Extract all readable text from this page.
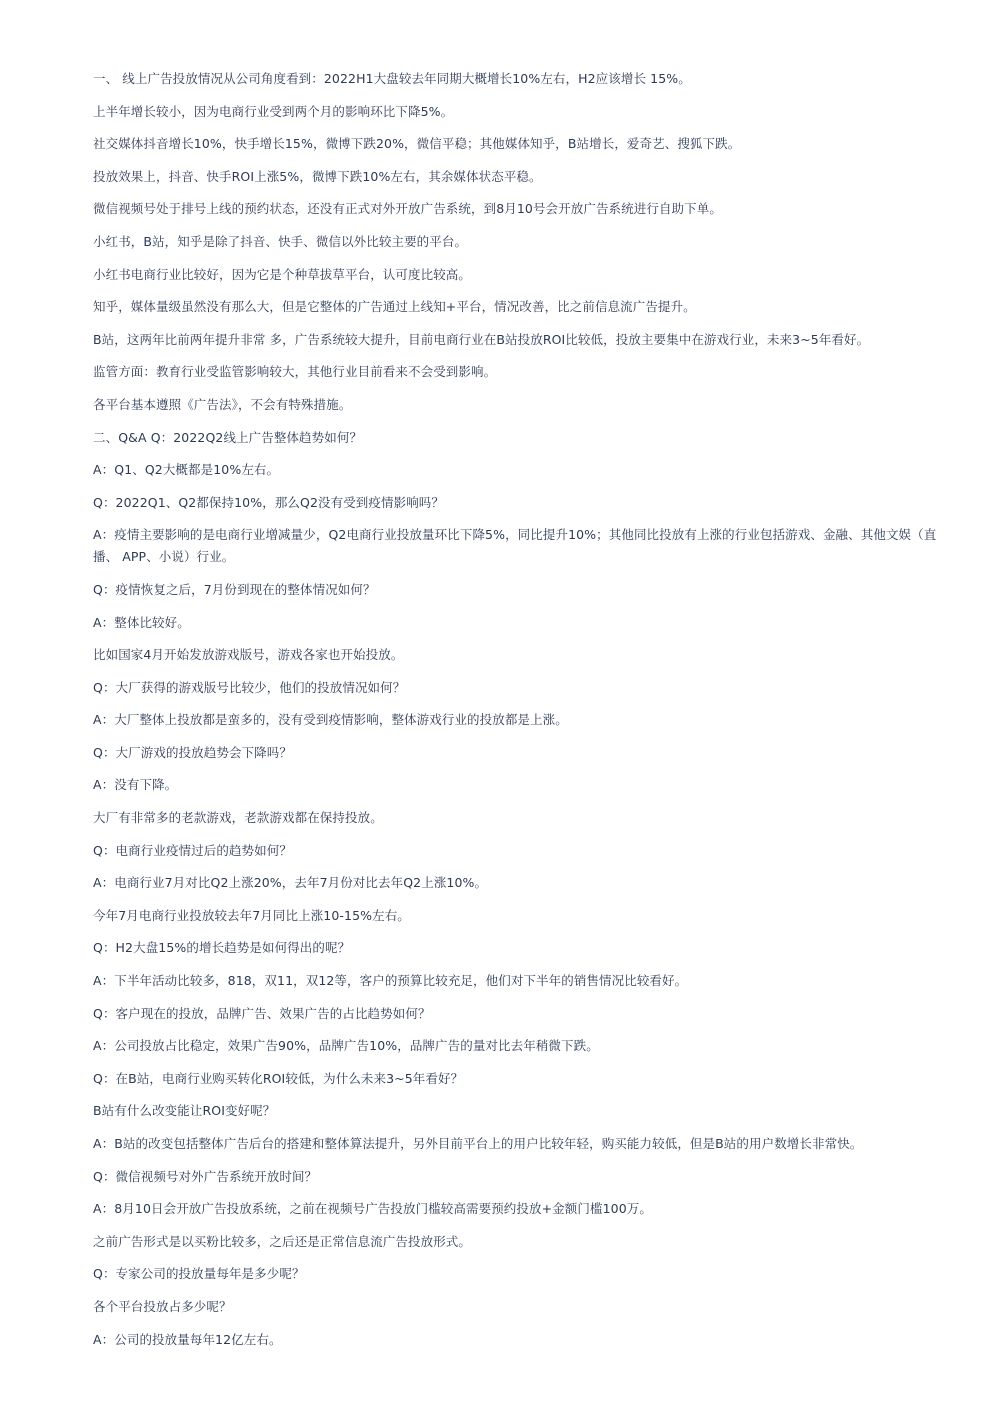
一、 线上广告投放情况从公司角度看到：2022H1大盘较去年同期大概增长10%左右，H2应该增长 15%。

上半年增长较小，因为电商行业受到两个月的影响环比下降5%。

社交媒体抖音增长10%，快手增长15%，微博下跌20%，微信平稳；其他媒体知乎，B站增长，爱奇艺、搜狐下跌。

投放效果上，抖音、快手ROI上涨5%，微博下跌10%左右，其余媒体状态平稳。

微信视频号处于排号上线的预约状态，还没有正式对外开放广告系统，到8月10号会开放广告系统进行自助下单。

小红书，B站，知乎是除了抖音、快手、微信以外比较主要的平台。

小红书电商行业比较好，因为它是个种草拔草平台，认可度比较高。

知乎，媒体量级虽然没有那么大，但是它整体的广告通过上线知+平台，情况改善，比之前信息流广告提升。

B站，这两年比前两年提升非常 多，广告系统较大提升，目前电商行业在B站投放ROI比较低，投放主要集中在游戏行业，未来3~5年看好。

监管方面：教育行业受监管影响较大，其他行业目前看来不会受到影响。

各平台基本遵照《广告法》，不会有特殊措施。

二、Q&A Q：2022Q2线上广告整体趋势如何？

A：Q1、Q2大概都是10%左右。

Q：2022Q1、Q2都保持10%，那么Q2没有受到疫情影响吗？

A：疫情主要影响的是电商行业增减量少，Q2电商行业投放量环比下降5%，同比提升10%；其他同比投放有上涨的行业包括游戏、金融、其他文娱（直播、 APP、小说）行业。

Q：疫情恢复之后，7月份到现在的整体情况如何？

A：整体比较好。

比如国家4月开始发放游戏版号，游戏各家也开始投放。

Q：大厂获得的游戏版号比较少，他们的投放情况如何？

A：大厂整体上投放都是蛮多的，没有受到疫情影响，整体游戏行业的投放都是上涨。

Q：大厂游戏的投放趋势会下降吗？

A：没有下降。

大厂有非常多的老款游戏，老款游戏都在保持投放。

Q：电商行业疫情过后的趋势如何？

A：电商行业7月对比Q2上涨20%，去年7月份对比去年Q2上涨10%。

今年7月电商行业投放较去年7月同比上涨10-15%左右。

Q：H2大盘15%的增长趋势是如何得出的呢？

A：下半年活动比较多，818，双11，双12等，客户的预算比较充足，他们对下半年的销售情况比较看好。

Q：客户现在的投放，品牌广告、效果广告的占比趋势如何？

A：公司投放占比稳定，效果广告90%，品牌广告10%，品牌广告的量对比去年稍微下跌。

Q：在B站，电商行业购买转化ROI较低，为什么未来3~5年看好？

B站有什么改变能让ROI变好呢？

A：B站的改变包括整体广告后台的搭建和整体算法提升，另外目前平台上的用户比较年轻，购买能力较低，但是B站的用户数增长非常快。

Q：微信视频号对外广告系统开放时间？

A：8月10日会开放广告投放系统，之前在视频号广告投放门槛较高需要预约投放+金额门槛100万。

之前广告形式是以买粉比较多，之后还是正常信息流广告投放形式。

Q：专家公司的投放量每年是多少呢？

各个平台投放占多少呢？

A：公司的投放量每年12亿左右。
